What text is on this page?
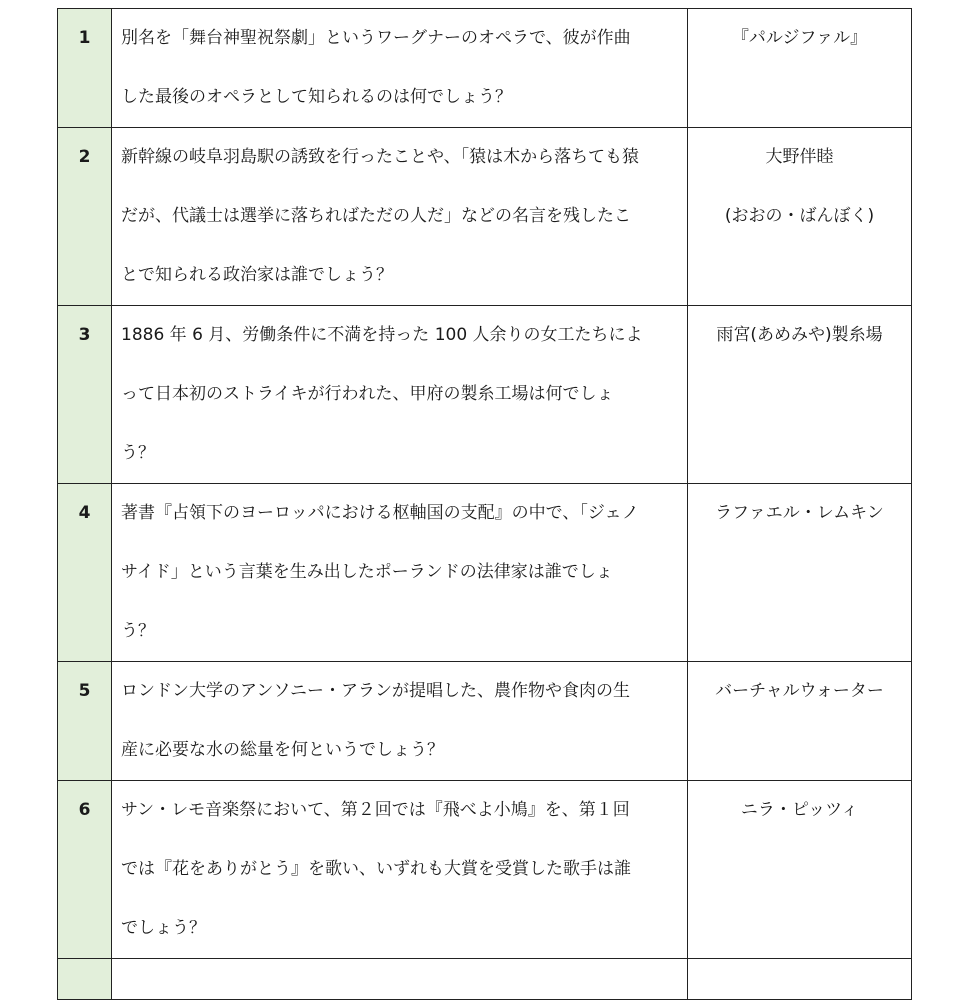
1	別名を「舞台神聖祝祭劇」というワーグナーのオペラで、彼が作曲
した最後のオペラとして知られるのは何でしょう？	『パルジファル』

2	新幹線の岐阜羽島駅の誘致を行ったことや、「猿は木から落ちても猿
だが、代議士は選挙に落ちればただの人だ」などの名言を残したこ
とで知られる政治家は誰でしょう？	大野伴睦
(おおの・ばんぼく)

3	1886 年 6 月、労働条件に不満を持った 100 人余りの女工たちによ
って日本初のストライキが行われた、甲府の製糸工場は何でしょ
う？	雨宮(あめみや)製糸場

4	著書『占領下のヨーロッパにおける枢軸国の支配』の中で、「ジェノ
サイド」という言葉を生み出したポーランドの法律家は誰でしょ
う？	ラファエル・レムキン

5	ロンドン大学のアンソニー・アランが提唱した、農作物や食肉の生
産に必要な水の総量を何というでしょう？	バーチャルウォーター

6	サン・レモ音楽祭において、第２回では『飛べよ小鳩』を、第１回
では『花をありがとう』を歌い、いずれも大賞を受賞した歌手は誰
でしょう？	ニラ・ピッツィ
